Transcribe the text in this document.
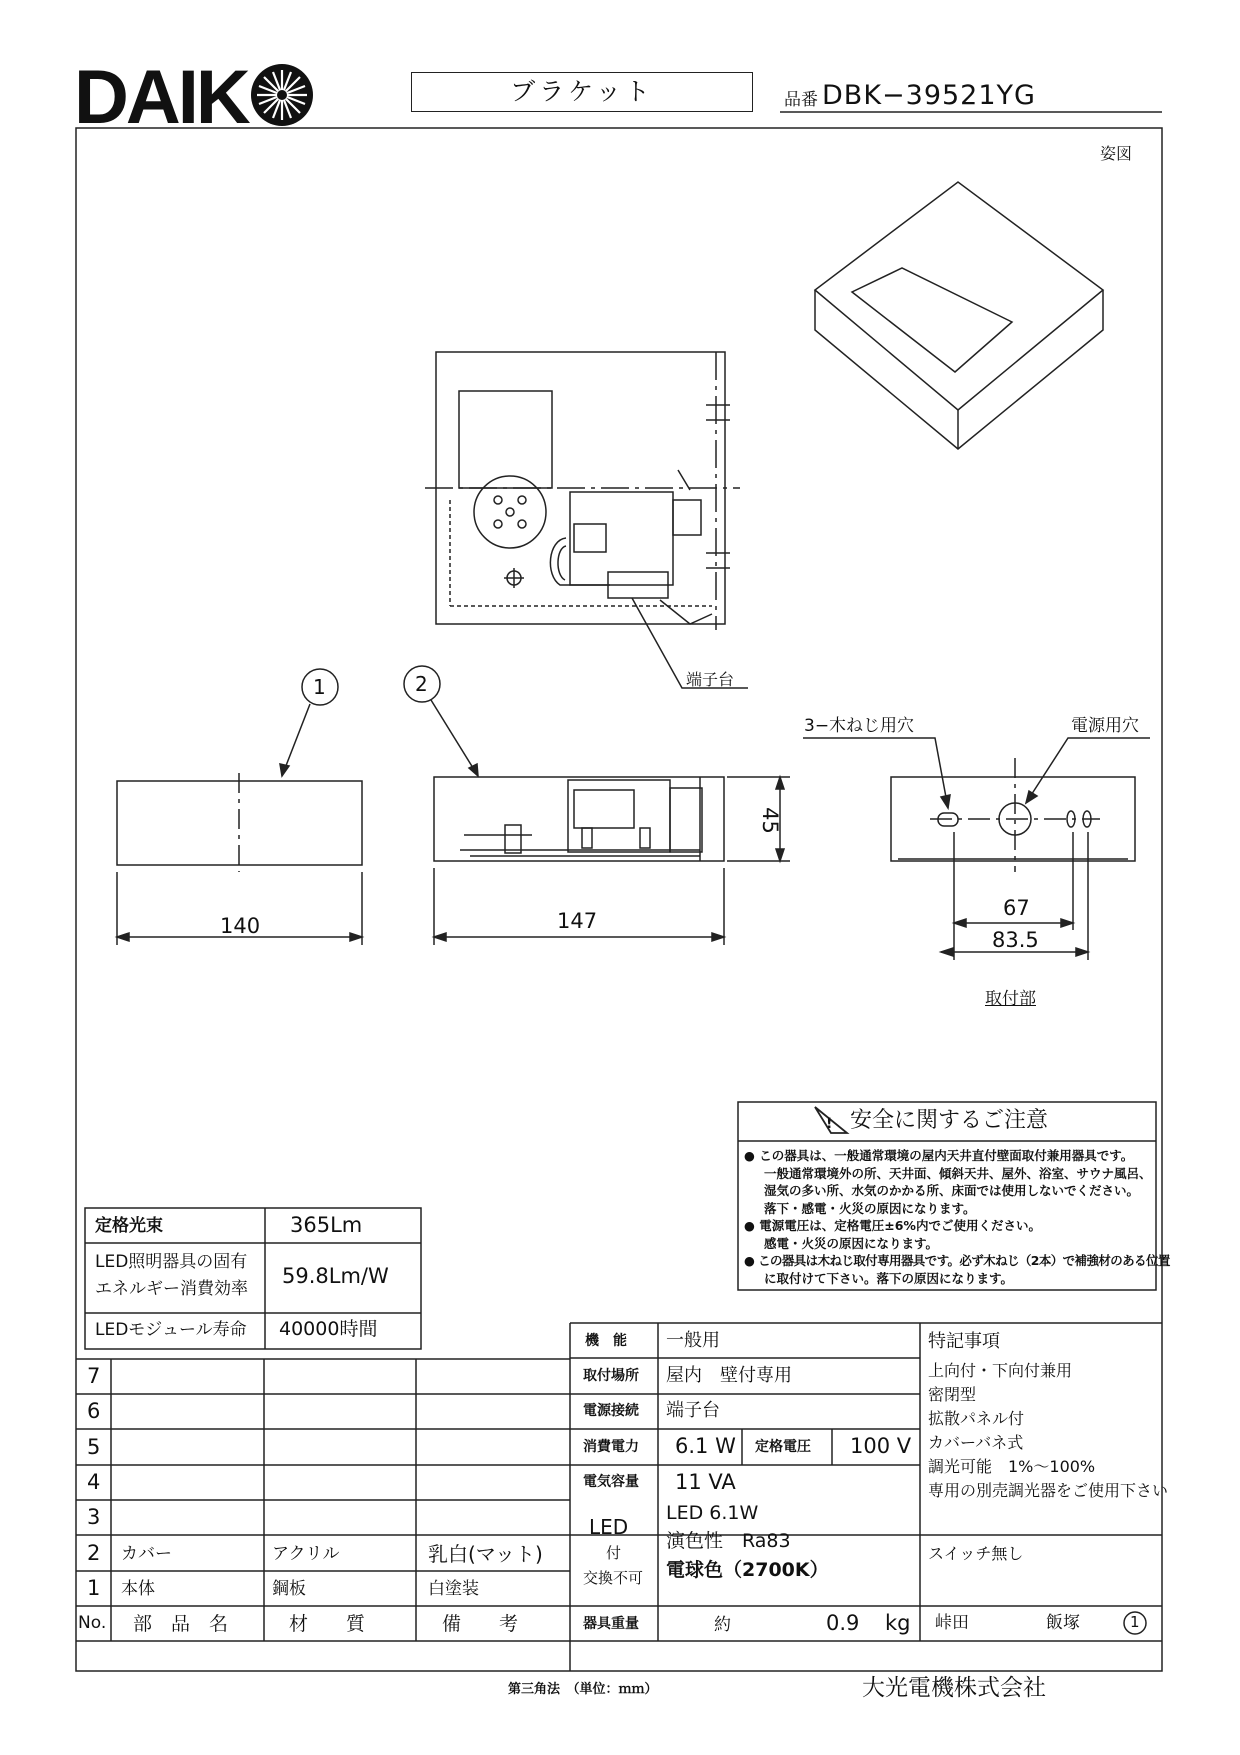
DAIK	ブラケット	品番 DBK−39521YG
!
姿図
端子台
1	2
3−木ねじ用穴	電源用穴
140	147
45
67
83.5
取付部
安全に関するご注意
● この器具は、一般通常環境の屋内天井直付壁面取付兼用器具です。
一般通常環境外の所、天井面、傾斜天井、屋外、浴室、サウナ風呂、
湿気の多い所、水気のかかる所、床面では使用しないでください。
落下・感電・火災の原因になります。
● 電源電圧は、定格電圧±6%内でご使用ください。
感電・火災の原因になります。
● この器具は木ねじ取付専用器具です。必ず木ねじ（2本）で補強材のある位置
に取付けて下さい。落下の原因になります。
定格光束	365Lm
LED照明器具の固有
エネルギー消費効率
59.8Lm/W
LEDモジュール寿命 40000時間
7
6
5
4
3
2
1
カバー	アクリル	乳白(マット)
本体	鋼板	白塗装
No. 部　品　名	材　　質	備　　考
機　能 一般用
取付場所 屋内　壁付専用
電源接続 端子台
消費電力 6.1 W 定格電圧 100 V
電気容量 11 VA
LED
付
交換不可
LED 6.1W
演色性　Ra83
電球色（2700K）
器具重量	約	0.9 kg 峠田	飯塚	1
特記事項
上向付・下向付兼用
密閉型
拡散パネル付
カバーバネ式
調光可能　1%〜100%
専用の別売調光器をご使用下さい
スイッチ無し
第三角法　（単位：ｍｍ）	大光電機株式会社
